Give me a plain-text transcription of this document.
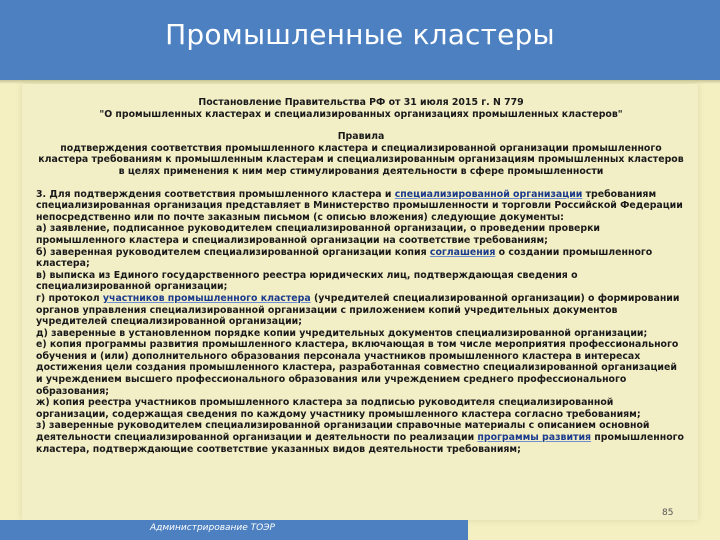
Промышленные кластеры
Постановление Правительства РФ от 31 июля 2015 г. N 779
"О промышленных кластерах и специализированных организациях промышленных кластеров"
Правила
подтверждения соответствия промышленного кластера и специализированной организации промышленного
кластера требованиям к промышленным кластерам и специализированным организациям промышленных кластеров
в целях применения к ним мер стимулирования деятельности в сфере промышленности

3. Для подтверждения соответствия промышленного кластера и специализированной организации требованиям специализированная организация представляет в Министерство промышленности и торговли Российской Федерации непосредственно или по почте заказным письмом (с описью вложения) следующие документы:

а) заявление, подписанное руководителем специализированной организации, о проведении проверки промышленного кластера и специализированной организации на соответствие требованиям;

б) заверенная руководителем специализированной организации копия соглашения о создании промышленного кластера;

в) выписка из Единого государственного реестра юридических лиц, подтверждающая сведения о специализированной организации;

г) протокол участников промышленного кластера (учредителей специализированной организации) о формировании органов управления специализированной организации с приложением копий учредительных документов учредителей специализированной организации;

д) заверенные в установленном порядке копии учредительных документов специализированной организации;

е) копия программы развития промышленного кластера, включающая в том числе мероприятия профессионального обучения и (или) дополнительного образования персонала участников промышленного кластера в интересах достижения цели создания промышленного кластера, разработанная совместно специализированной организацией и учреждением высшего профессионального образования или учреждением среднего профессионального образования;

ж) копия реестра участников промышленного кластера за подписью руководителя специализированной организации, содержащая сведения по каждому участнику промышленного кластера согласно требованиям;

з) заверенные руководителем специализированной организации справочные материалы с описанием основной деятельности специализированной организации и деятельности по реализации программы развития промышленного кластера, подтверждающие соответствие указанных видов деятельности требованиям;

85
Администрирование ТОЭР
